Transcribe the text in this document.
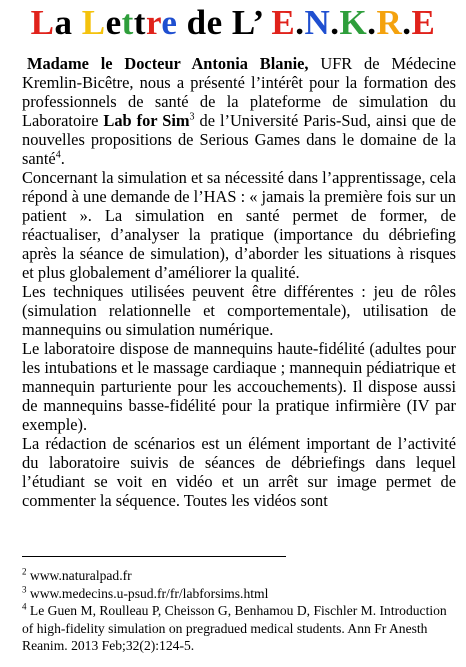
La Lettre de L’ E.N.K.R.E

Madame le Docteur Antonia Blanie, UFR de Médecine Kremlin-Bicêtre, nous a présenté l’intérêt pour la formation des professionnels de santé de la plateforme de simulation du Laboratoire Lab for Sim$^3$ de l’Université Paris-Sud, ainsi que de nouvelles propositions de Serious Games dans le domaine de la santé$^4$.

Concernant la simulation et sa nécessité dans l’apprentissage, cela répond à une demande de l’HAS : « jamais la première fois sur un patient ». La simulation en santé permet de former, de réactualiser, d’analyser la pratique (importance du débriefing après la séance de simulation), d’aborder les situations à risques et plus globalement d’améliorer la qualité.

Les techniques utilisées peuvent être différentes : jeu de rôles (simulation relationnelle et comportementale), utilisation de mannequins ou simulation numérique.

Le laboratoire dispose de mannequins haute-fidélité (adultes pour les intubations et le massage cardiaque ; mannequin pédiatrique et mannequin parturiente pour les accouchements). Il dispose aussi de mannequins basse-fidélité pour la pratique infirmière (IV par exemple).

La rédaction de scénarios est un élément important de l’activité du laboratoire suivis de séances de débriefings dans lequel l’étudiant se voit en vidéo et un arrêt sur image permet de commenter la séquence. Toutes les vidéos sont

$^2$ www.naturalpad.fr

$^3$ www.medecins.u-psud.fr/fr/labforsims.html

$^4$ Le Guen M, Roulleau P, Cheisson G, Benhamou D, Fischler M. Introduction of high-fidelity simulation on pregradued medical students. Ann Fr Anesth Reanim. 2013 Feb;32(2):124-5.
